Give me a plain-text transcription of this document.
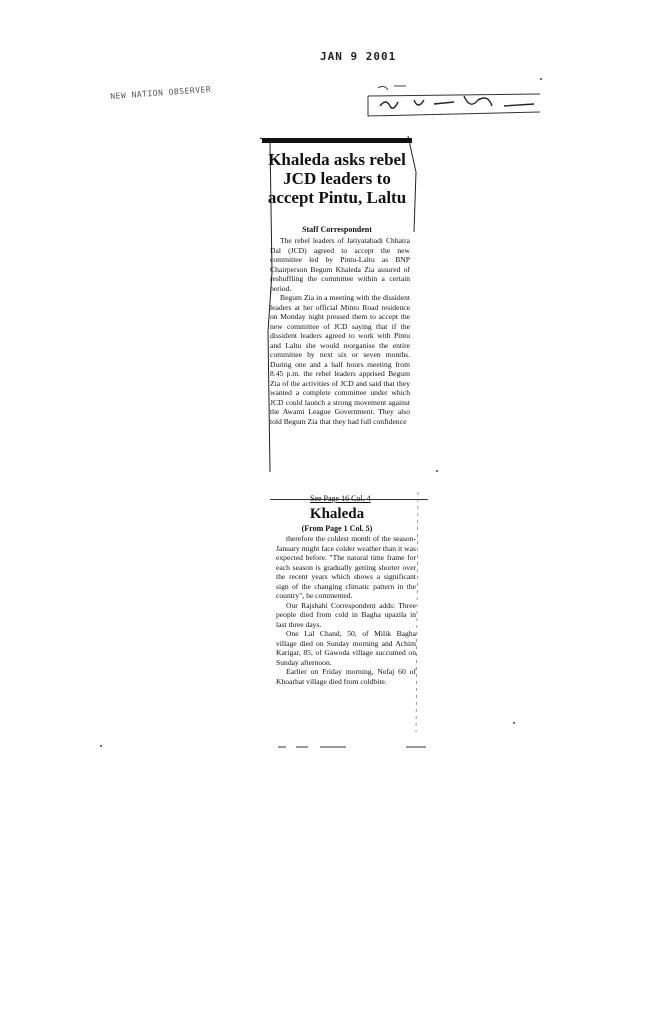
JAN 9 2001
NEW NATION OBSERVER
Khaleda asks rebel JCD leaders to accept Pintu, Laltu
Staff Correspondent

The rebel leaders of Jatiyatabadi Chhatra Dal (JCD) agreed to accept the new committee led by Pintu-Laltu as BNP Chairperson Begum Khaleda Zia assured of reshuffling the committee within a certain period.

Begum Zia in a meeting with the dissident leaders at her official Minto Road residence on Monday night pressed them to accept the new committee of JCD saying that if the dissident leaders agreed to work with Pintu and Laltu she would reorganise the entire committee by next six or seven months. During one and a half hours meeting from 8.45 p.m. the rebel leaders apprised Begum Zia of the activities of JCD and said that they wanted a complete committee under which JCD could launch a strong movement against the Awami League Government. They also told Begum Zia that they had full confidence

See Page 16 Col. 4
Khaleda
(From Page 1 Col. 5)

therefore the coldest month of the season-January might face colder weather than it was expected before. "The natural time frame for each season is gradually getting shorter over the recent years which shows a significant sign of the changing climatic pattern in the country", he commented.

Our Rajshahi Correspondent adds: Three people died from cold in Bagha upazila in last three days.

One Lal Chand, 50, of Milik Bagha village died on Sunday morning and Achim Karigar, 85, of Gawoda village succumed on Sunday afternoon.

Earlier on Friday morning, Nefaj 60 of Khoarhat village died from coldbite.
